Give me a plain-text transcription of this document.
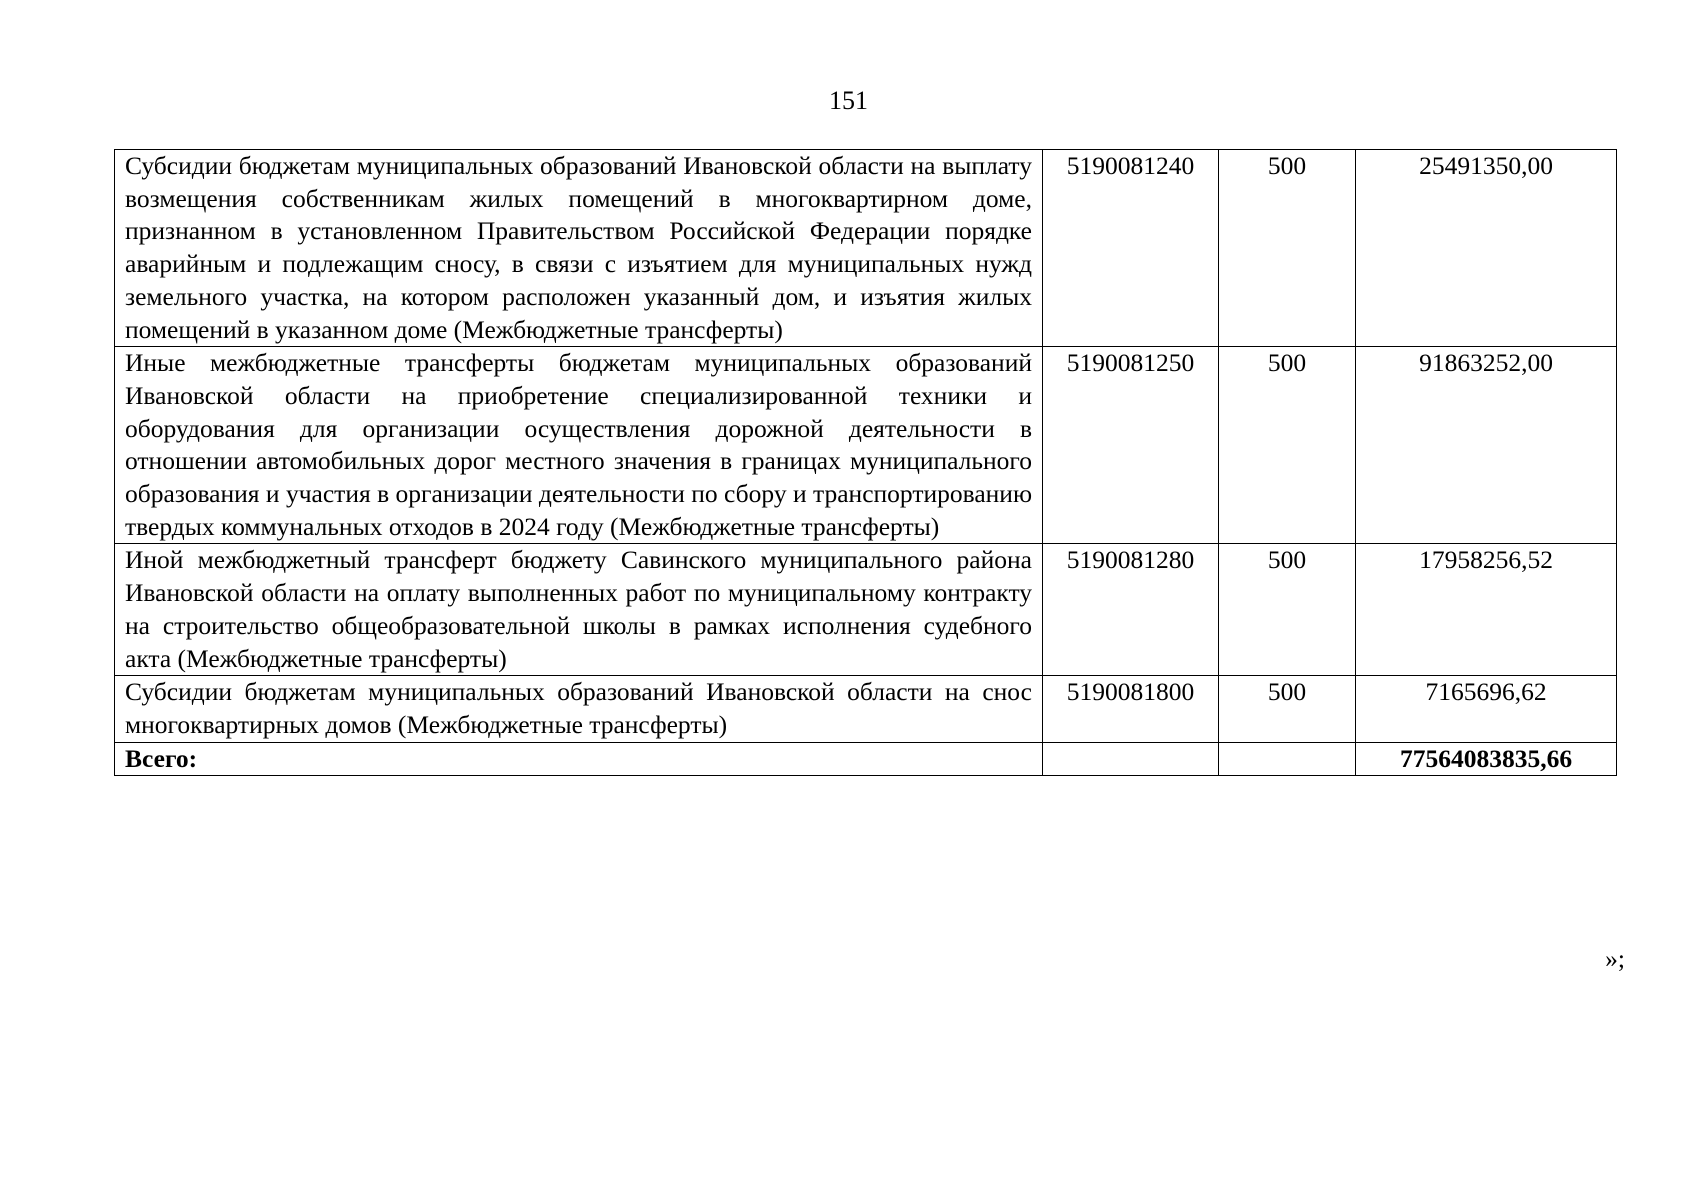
151
Субсидии бюджетам муниципальных образований Ивановской области на выплату возмещения собственникам жилых помещений в многоквартирном доме, признанном в установленном Правительством Российской Федерации порядке аварийным и подлежащим сносу, в связи с изъятием для муниципальных нужд земельного участка, на котором расположен указанный дом, и изъятия жилых помещений в указанном доме (Межбюджетные трансферты)	5190081240	500	25491350,00
Иные межбюджетные трансферты бюджетам муниципальных образований Ивановской области на приобретение специализированной техники и оборудования для организации осуществления дорожной деятельности в отношении автомобильных дорог местного значения в границах муниципального образования и участия в организации деятельности по сбору и транспортированию твердых коммунальных отходов в 2024 году (Межбюджетные трансферты)	5190081250	500	91863252,00
Иной межбюджетный трансферт бюджету Савинского муниципального района Ивановской области на оплату выполненных работ по муниципальному контракту на строительство общеобразовательной школы в рамках исполнения судебного акта (Межбюджетные трансферты)	5190081280	500	17958256,52
Субсидии бюджетам муниципальных образований Ивановской области на снос многоквартирных домов (Межбюджетные трансферты)	5190081800	500	7165696,62
Всего:			77564083835,66
»;
